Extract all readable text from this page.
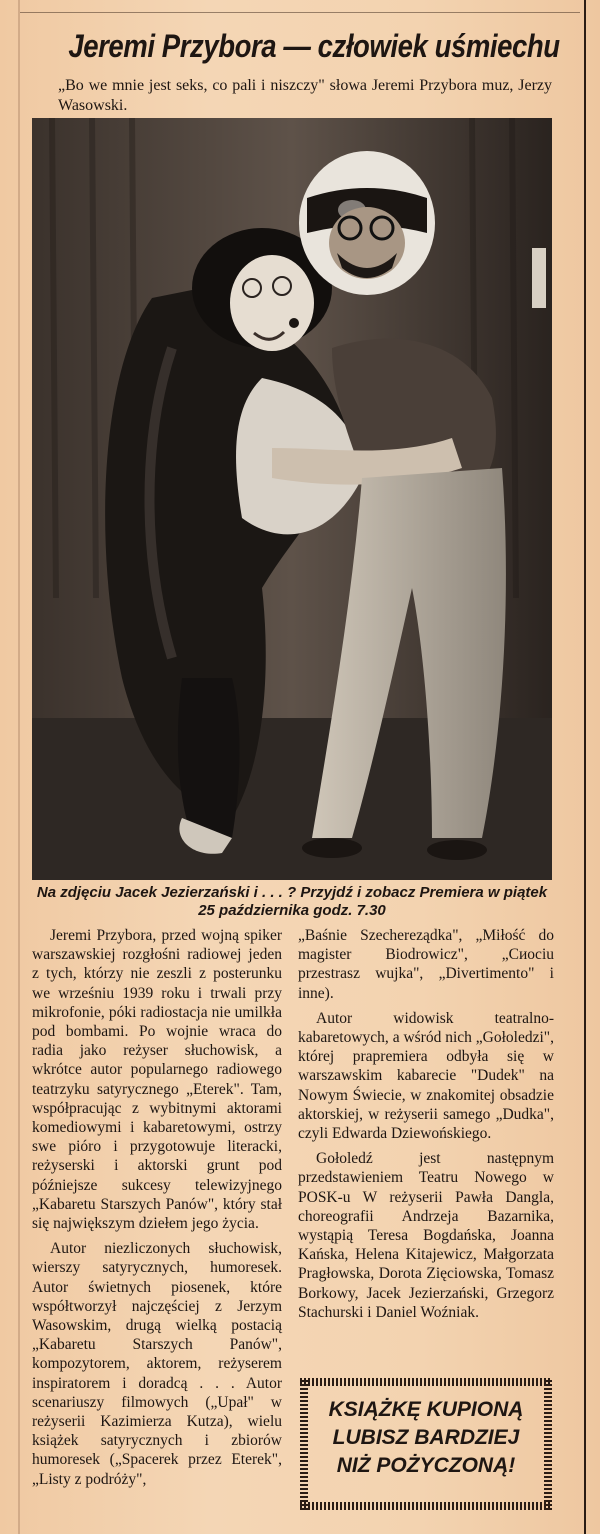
Jeremi Przybora — człowiek uśmiechu
„Bo we mnie jest seks, co pali i niszczy" słowa Jeremi Przybora muz, Jerzy Wasowski.
Na zdjęciu Jacek Jezierzański i . . . ? Przyjdź i zobacz Premiera w piątek 25 października godz. 7.30

Jeremi Przybora, przed wojną spiker warszawskiej rozgłośni radiowej jeden z tych, którzy nie zeszli z posterunku we wrześniu 1939 roku i trwali przy mikrofonie, póki radiostacja nie umilkła pod bombami. Po wojnie wraca do radia jako reżyser słuchowisk, a wkrótce autor popularnego radiowego teatrzyku satyrycznego „Eterek". Tam, współpracując z wybitnymi aktorami komediowymi i kabaretowymi, ostrzy swe pióro i przygotowuje literacki, reżyserski i aktorski grunt pod późniejsze sukcesy telewizyjnego „Kabaretu Starszych Panów", który stał się największym dziełem jego życia.

Autor niezliczonych słuchowisk, wierszy satyrycznych, humoresek. Autor świetnych piosenek, które współtworzył najczęściej z Jerzym Wasowskim, drugą wielką postacią „Kabaretu Starszych Panów", kompozytorem, aktorem, reżyserem inspiratorem i doradcą . . . Autor scenariuszy filmowych („Upał" w reżyserii Kazimierza Kutza), wielu książek satyrycznych i zbiorów humoresek („Spacerek przez Eterek", „Listy z podróży",

„Baśnie Szechereządka", „Miłość do magister Biodrowicz", „Cиociu przestrasz wujka", „Divertimento" i inne).

Autor widowisk teatralno-kabaretowych, a wśród nich „Gołoledzi", której prapremiera odbyła się w warszawskim kabarecie "Dudek" na Nowym Świecie, w znakomitej obsadzie aktorskiej, w reżyserii samego „Dudka", czyli Edwarda Dziewońskiego.

Gołoledź jest następnym przedstawieniem Teatru Nowego w POSK-u W reżyserii Pawła Dangla, choreografii Andrzeja Bazarnika, wystąpią Teresa Bogdańska, Joanna Kańska, Helena Kitajewicz, Małgorzata Pragłowska, Dorota Zięciowska, Tomasz Borkowy, Jacek Jezierzański, Grzegorz Stachurski i Daniel Woźniak.

KSIĄŻKĘ KUPIONĄ
LUBISZ BARDZIEJ
NIŻ POŻYCZONĄ!
